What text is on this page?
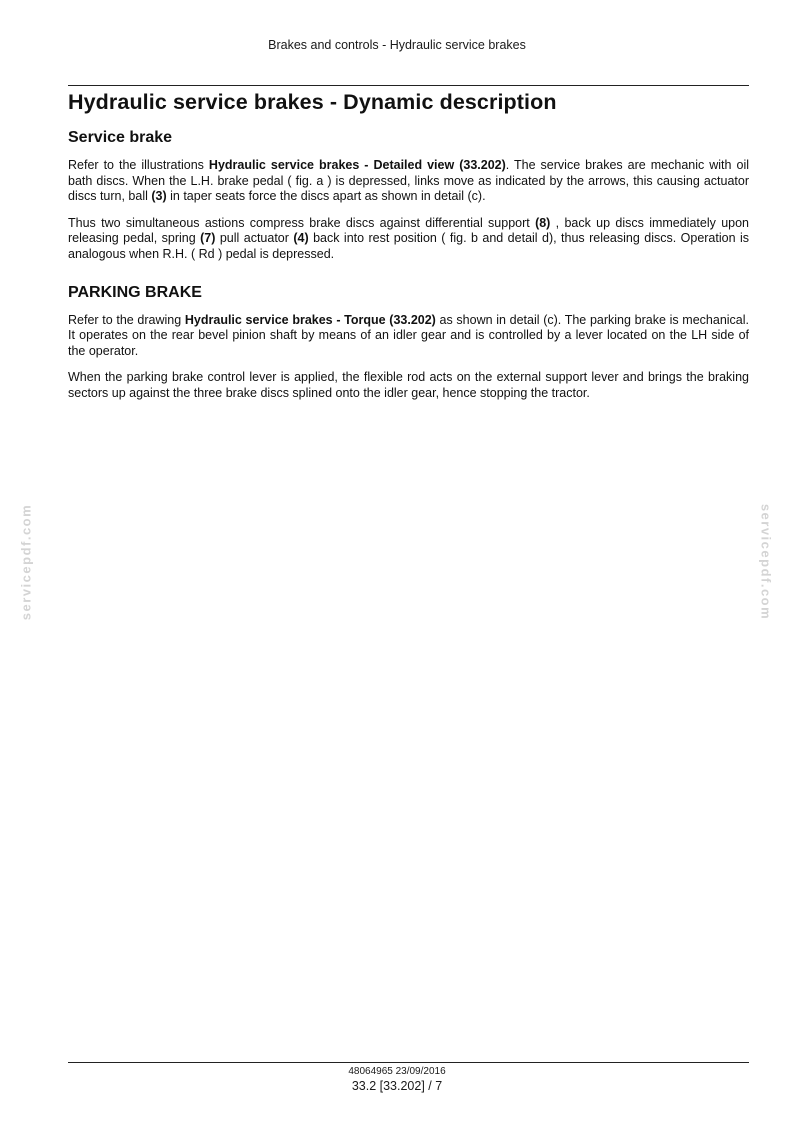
Brakes and controls - Hydraulic service brakes
Hydraulic service brakes - Dynamic description
Service brake

Refer to the illustrations Hydraulic service brakes - Detailed view (33.202). The service brakes are mechanic with oil bath discs. When the L.H. brake pedal ( fig. a ) is depressed, links move as indicated by the arrows, this causing actuator discs turn, ball (3) in taper seats force the discs apart as shown in detail (c).

Thus two simultaneous astions compress brake discs against differential support (8) , back up discs immediately upon releasing pedal, spring (7) pull actuator (4) back into rest position ( fig. b and detail d), thus releasing discs. Operation is analogous when R.H. ( Rd ) pedal is depressed.

PARKING BRAKE

Refer to the drawing Hydraulic service brakes - Torque (33.202) as shown in detail (c). The parking brake is mechanical. It operates on the rear bevel pinion shaft by means of an idler gear and is controlled by a lever located on the LH side of the operator.

When the parking brake control lever is applied, the flexible rod acts on the external support lever and brings the braking sectors up against the three brake discs splined onto the idler gear, hence stopping the tractor.

servicepdf.com	servicepdf.com
48064965 23/09/2016
33.2 [33.202] / 7
